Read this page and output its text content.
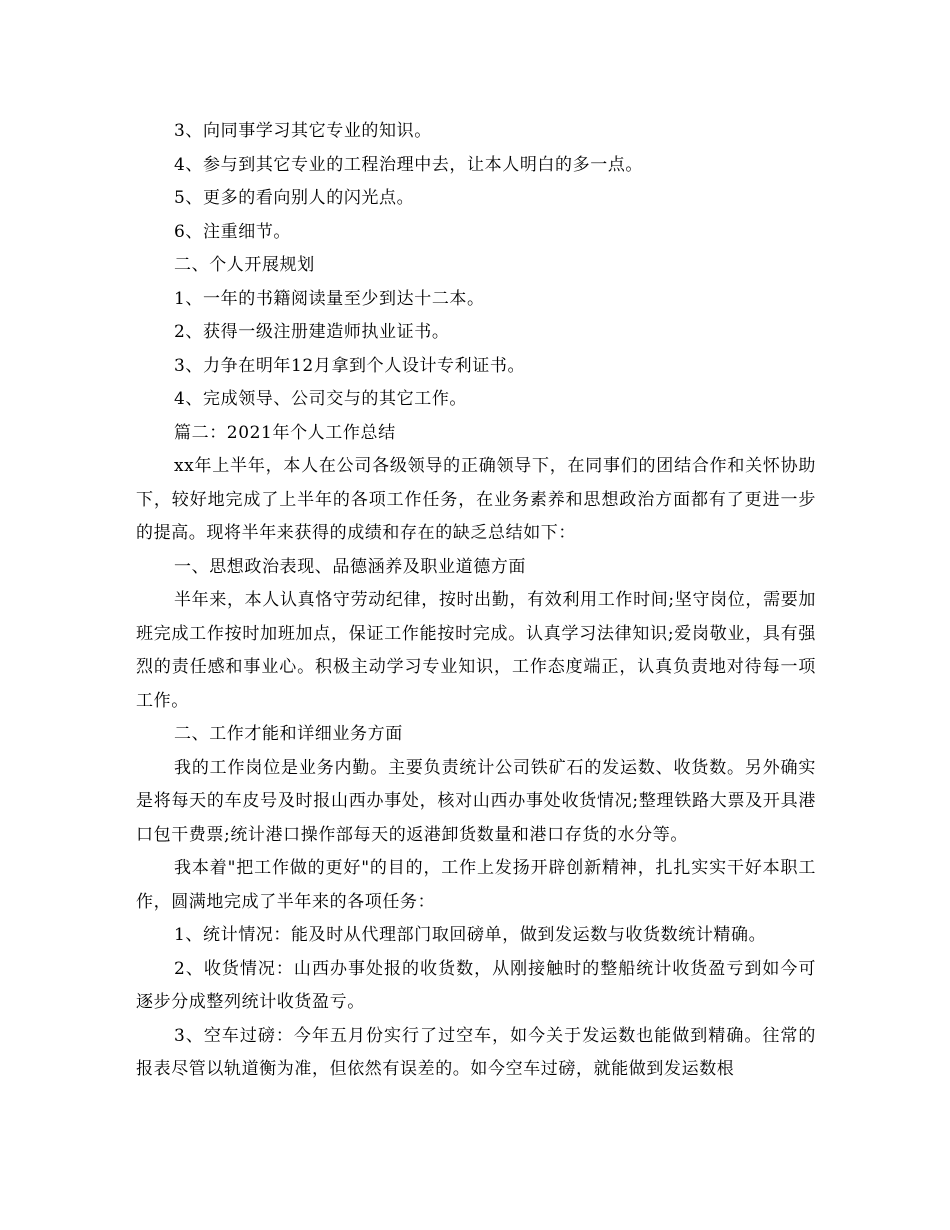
3、向同事学习其它专业的知识。

4、参与到其它专业的工程治理中去，让本人明白的多一点。

5、更多的看向别人的闪光点。

6、注重细节。

二、个人开展规划

1、一年的书籍阅读量至少到达十二本。

2、获得一级注册建造师执业证书。

3、力争在明年12月拿到个人设计专利证书。

4、完成领导、公司交与的其它工作。

篇二：2021年个人工作总结

xx年上半年，本人在公司各级领导的正确领导下，在同事们的团结合作和关怀协助下，较好地完成了上半年的各项工作任务，在业务素养和思想政治方面都有了更进一步的提高。现将半年来获得的成绩和存在的缺乏总结如下：

一、思想政治表现、品德涵养及职业道德方面

半年来，本人认真恪守劳动纪律，按时出勤，有效利用工作时间;坚守岗位，需要加班完成工作按时加班加点，保证工作能按时完成。认真学习法律知识;爱岗敬业，具有强烈的责任感和事业心。积极主动学习专业知识，工作态度端正，认真负责地对待每一项工作。

二、工作才能和详细业务方面

我的工作岗位是业务内勤。主要负责统计公司铁矿石的发运数、收货数。另外确实是将每天的车皮号及时报山西办事处，核对山西办事处收货情况;整理铁路大票及开具港口包干费票;统计港口操作部每天的返港卸货数量和港口存货的水分等。

我本着"把工作做的更好"的目的，工作上发扬开辟创新精神，扎扎实实干好本职工作，圆满地完成了半年来的各项任务：

1、统计情况：能及时从代理部门取回磅单，做到发运数与收货数统计精确。

2、收货情况：山西办事处报的收货数，从刚接触时的整船统计收货盈亏到如今可逐步分成整列统计收货盈亏。

3、空车过磅：今年五月份实行了过空车，如今关于发运数也能做到精确。往常的报表尽管以轨道衡为准，但依然有误差的。如今空车过磅，就能做到发运数根
